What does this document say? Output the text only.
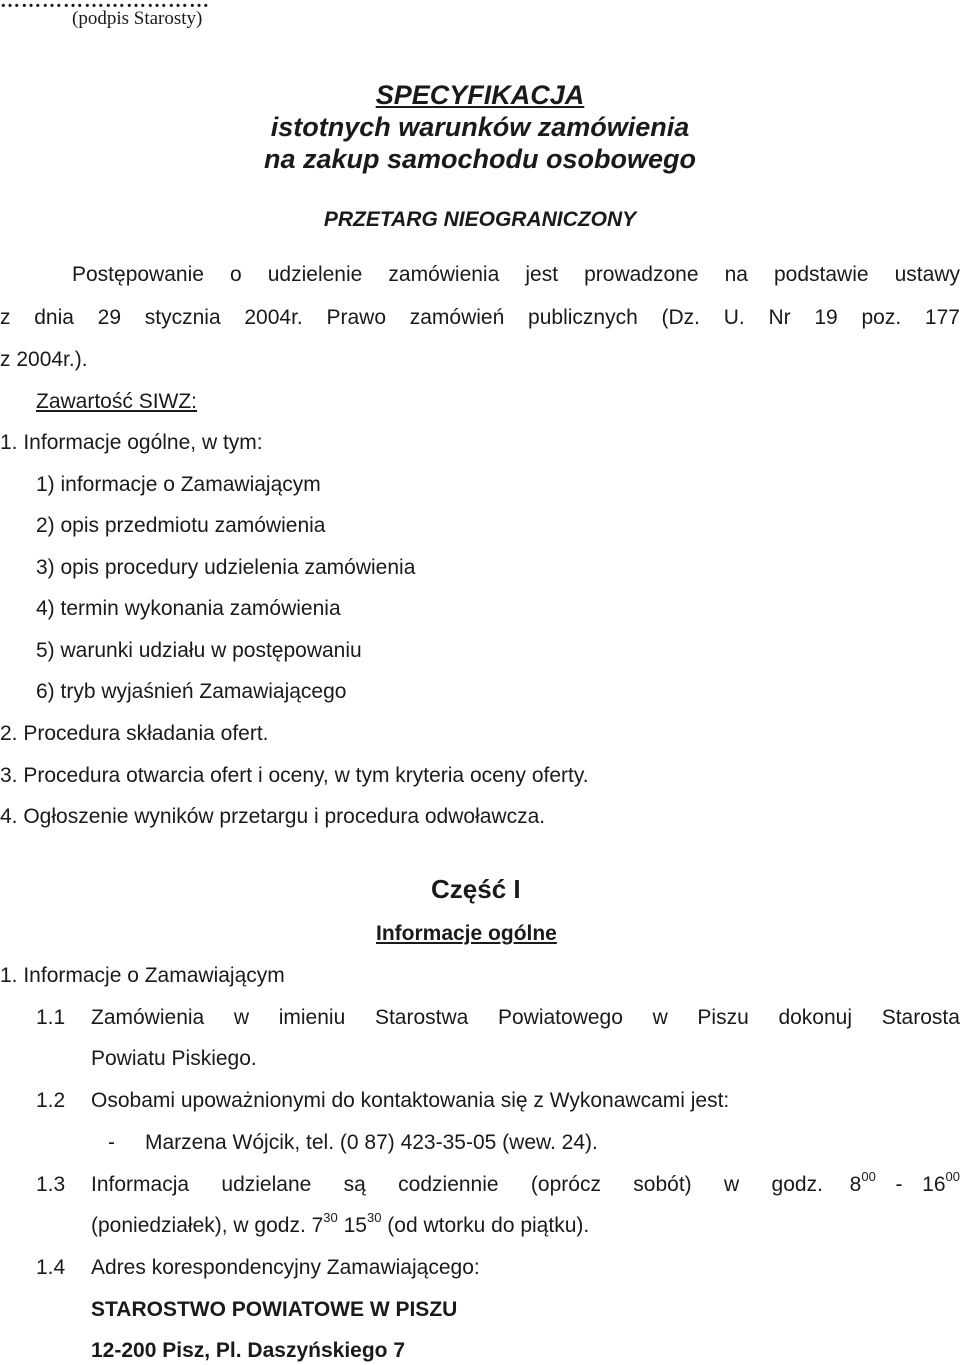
…………………………
(podpis Starosty)
SPECYFIKACJA
istotnych warunków zamówienia
na zakup samochodu osobowego
PRZETARG NIEOGRANICZONY
Postępowanie o udzielenie zamówienia jest prowadzone na podstawie ustawy
z dnia 29 stycznia 2004r. Prawo zamówień publicznych (Dz. U. Nr 19 poz. 177
z 2004r.).
Zawartość SIWZ:
1. Informacje ogólne, w tym:
1) informacje o Zamawiającym
2) opis przedmiotu zamówienia
3) opis procedury udzielenia zamówienia
4) termin wykonania zamówienia
5) warunki udziału w postępowaniu
6) tryb wyjaśnień Zamawiającego
2. Procedura składania ofert.
3. Procedura otwarcia ofert i oceny, w tym kryteria oceny oferty.
4. Ogłoszenie wyników przetargu i procedura odwoławcza.
Część I
Informacje ogólne
1. Informacje o Zamawiającym
1.1 Zamówienia w imieniu Starostwa Powiatowego w Piszu dokonuj Starosta
Powiatu Piskiego.
1.2 Osobami upoważnionymi do kontaktowania się z Wykonawcami jest:
- Marzena Wójcik, tel. (0 87) 423-35-05 (wew. 24).
1.3 Informacja udzielane są codziennie (oprócz sobót) w godz. $8^{00} - 16^{00}$
(poniedziałek), w godz. $7^{30}$ $15^{30}$ (od wtorku do piątku).
1.4 Adres korespondencyjny Zamawiającego:
STAROSTWO POWIATOWE W PISZU
12-200 Pisz, Pl. Daszyńskiego 7
